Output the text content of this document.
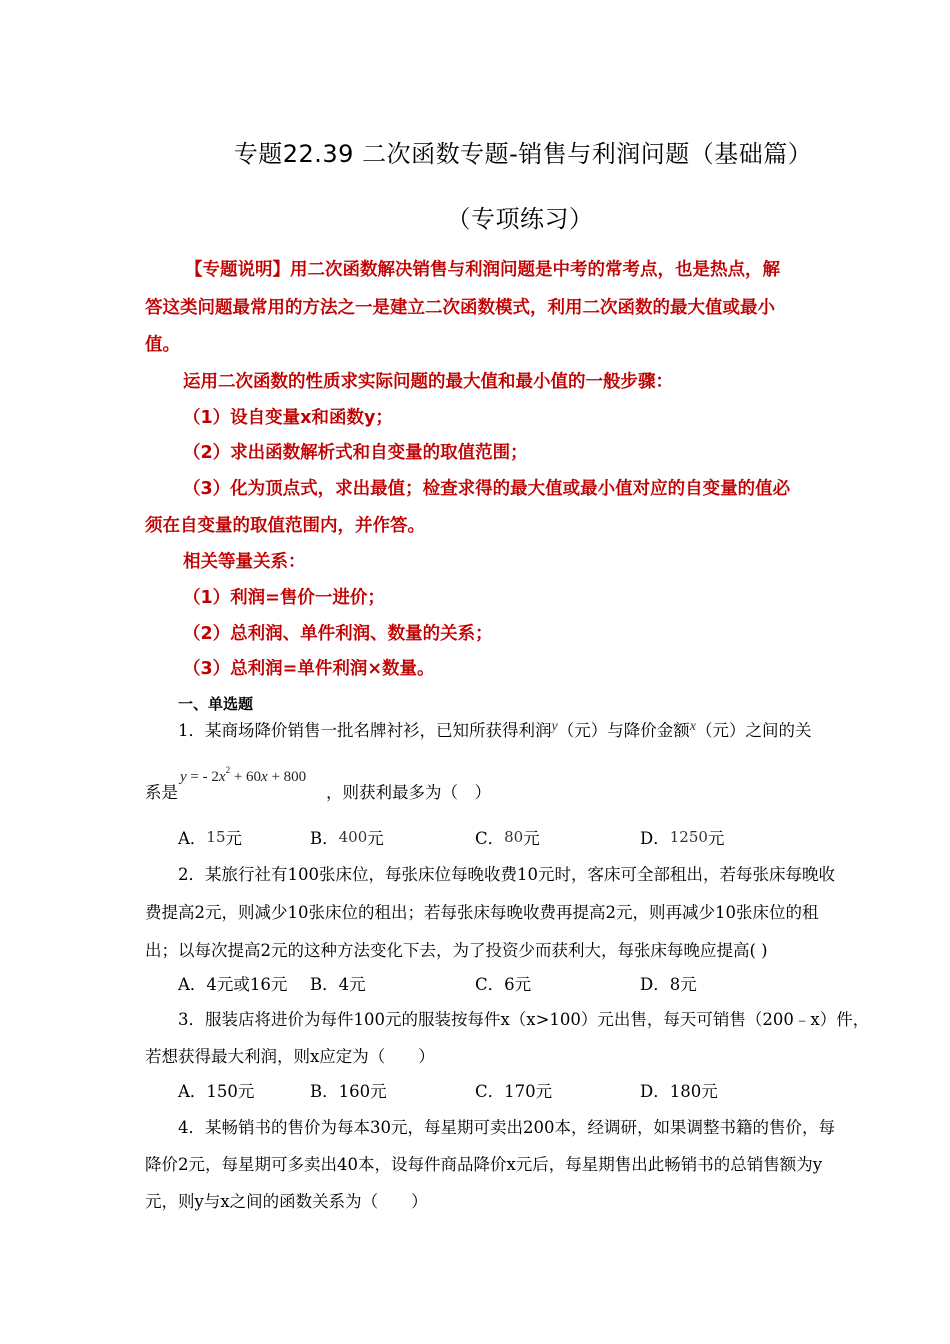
专题22.39 二次函数专题-销售与利润问题（基础篇）
（专项练习）
【专题说明】用二次函数解决销售与利润问题是中考的常考点，也是热点，解
答这类问题最常用的方法之一是建立二次函数模式，利用二次函数的最大值或最小
值。
运用二次函数的性质求实际问题的最大值和最小值的一般步骤：
（1）设自变量x和函数y；
（2）求出函数解析式和自变量的取值范围；
（3）化为顶点式，求出最值；检查求得的最大值或最小值对应的自变量的值必
须在自变量的取值范围内，并作答。
相关等量关系：
（1）利润=售价一进价；
（2）总利润、单件利润、数量的关系；
（3）总利润=单件利润×数量。
一、单选题
1．某商场降价销售一批名牌衬衫，已知所获得利润$^y$（元）与降价金额$^x$（元）之间的关
系是
y = - $2x^2 + 60x + 800$
，则获利最多为（　）
A．15元	B．400元	C．80元	D．1250元
2．某旅行社有100张床位，每张床位每晚收费10元时，客床可全部租出，若每张床每晚收
费提高2元，则减少10张床位的租出；若每张床每晚收费再提高2元，则再减少10张床位的租
出；以每次提高2元的这种方法变化下去，为了投资少而获利大，每张床每晚应提高( )
A．4元或16元 B．4元	C．6元	D．8元
3．服装店将进价为每件100元的服装按每件x（x>100）元出售，每天可销售（200﹣x）件，
若想获得最大利润，则x应定为（　　）
A．150元	B．160元	C．170元	D．180元
4．某畅销书的售价为每本30元，每星期可卖出200本，经调研，如果调整书籍的售价，每
降价2元，每星期可多卖出40本，设每件商品降价x元后，每星期售出此畅销书的总销售额为y
元，则y与x之间的函数关系为（　　）
